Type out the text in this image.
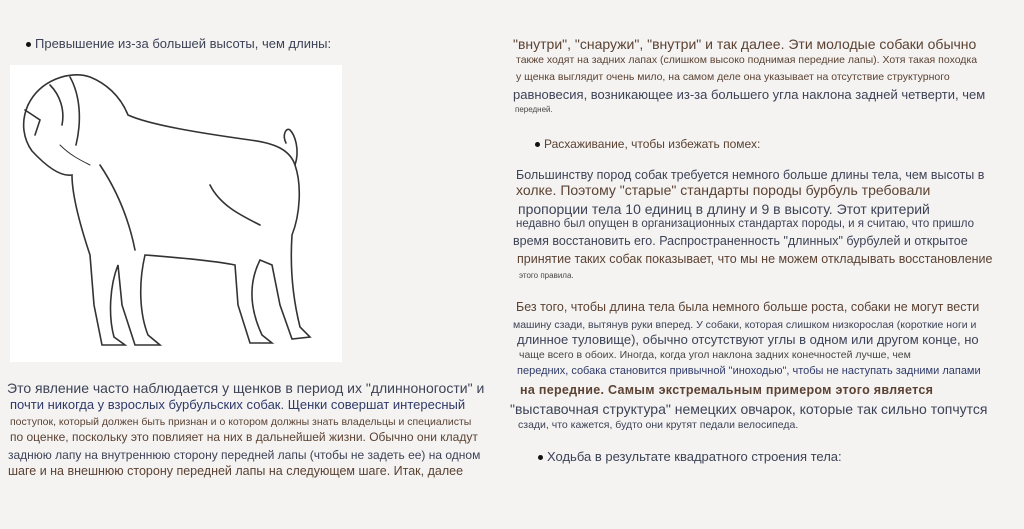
Превышение из-за большей высоты, чем длины:
Это явление часто наблюдается у щенков в период их "длинноногости" и
почти никогда у взрослых бурбульских собак. Щенки совершат интересный
поступок, который должен быть признан и о котором должны знать владельцы и специалисты
по оценке, поскольку это повлияет на них в дальнейшей жизни. Обычно они кладут
заднюю лапу на внутреннюю сторону передней лапы (чтобы не задеть ее) на одном
шаге и на внешнюю сторону передней лапы на следующем шаге. Итак, далее
"внутри", "снаружи", "внутри" и так далее. Эти молодые собаки обычно
также ходят на задних лапах (слишком высоко поднимая передние лапы). Хотя такая походка
у щенка выглядит очень мило, на самом деле она указывает на отсутствие структурного
равновесия, возникающее из-за большего угла наклона задней четверти, чем
передней.
Расхаживание, чтобы избежать помех:
Большинству пород собак требуется немного больше длины тела, чем высоты в
холке. Поэтому "старые" стандарты породы бурбуль требовали
пропорции тела 10 единиц в длину и 9 в высоту. Этот критерий
недавно был опущен в организационных стандартах породы, и я считаю, что пришло
время восстановить его. Распространенность "длинных" бурбулей и открытое
принятие таких собак показывает, что мы не можем откладывать восстановление
этого правила.
Без того, чтобы длина тела была немного больше роста, собаки не могут вести
машину сзади, вытянув руки вперед. У собаки, которая слишком низкорослая (короткие ноги и
длинное туловище), обычно отсутствуют углы в одном или другом конце, но
чаще всего в обоих. Иногда, когда угол наклона задних конечностей лучше, чем
передних, собака становится привычной "иноходью", чтобы не наступать задними лапами
на передние. Самым экстремальным примером этого является
"выставочная структура" немецких овчарок, которые так сильно топчутся
сзади, что кажется, будто они крутят педали велосипеда.
Ходьба в результате квадратного строения тела:
